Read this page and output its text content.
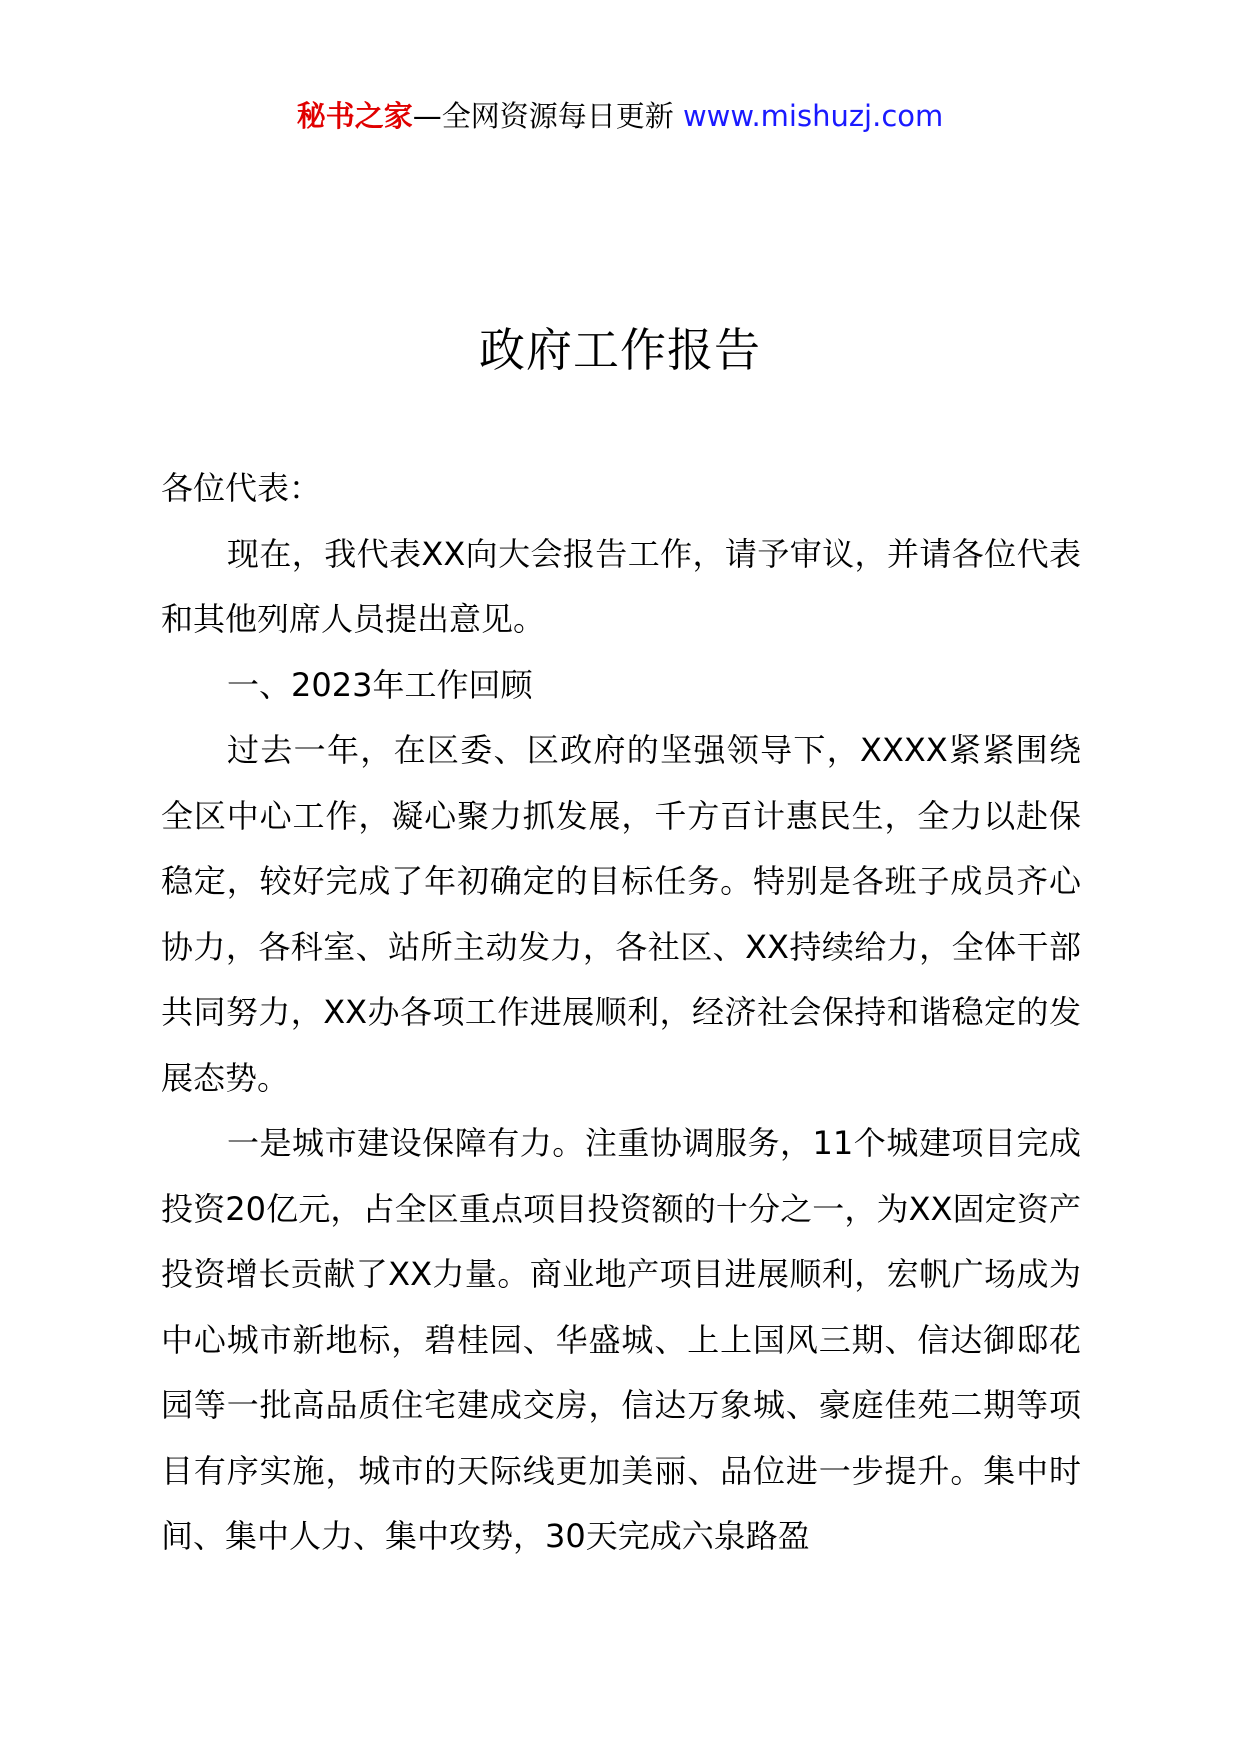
秘书之家—全网资源每日更新 www.mishuzj.com
政府工作报告

各位代表：

现在，我代表XX向大会报告工作，请予审议，并请各位代表和其他列席人员提出意见。

一、2023年工作回顾

过去一年，在区委、区政府的坚强领导下，XXXX紧紧围绕全区中心工作，凝心聚力抓发展，千方百计惠民生，全力以赴保稳定，较好完成了年初确定的目标任务。特别是各班子成员齐心协力，各科室、站所主动发力，各社区、XX持续给力，全体干部共同努力，XX办各项工作进展顺利，经济社会保持和谐稳定的发展态势。

一是城市建设保障有力。注重协调服务，11个城建项目完成投资20亿元，占全区重点项目投资额的十分之一，为XX固定资产投资增长贡献了XX力量。商业地产项目进展顺利，宏帆广场成为中心城市新地标，碧桂园、华盛城、上上国风三期、信达御邸花园等一批高品质住宅建成交房，信达万象城、豪庭佳苑二期等项目有序实施，城市的天际线更加美丽、品位进一步提升。集中时间、集中人力、集中攻势，30天完成六泉路盈
